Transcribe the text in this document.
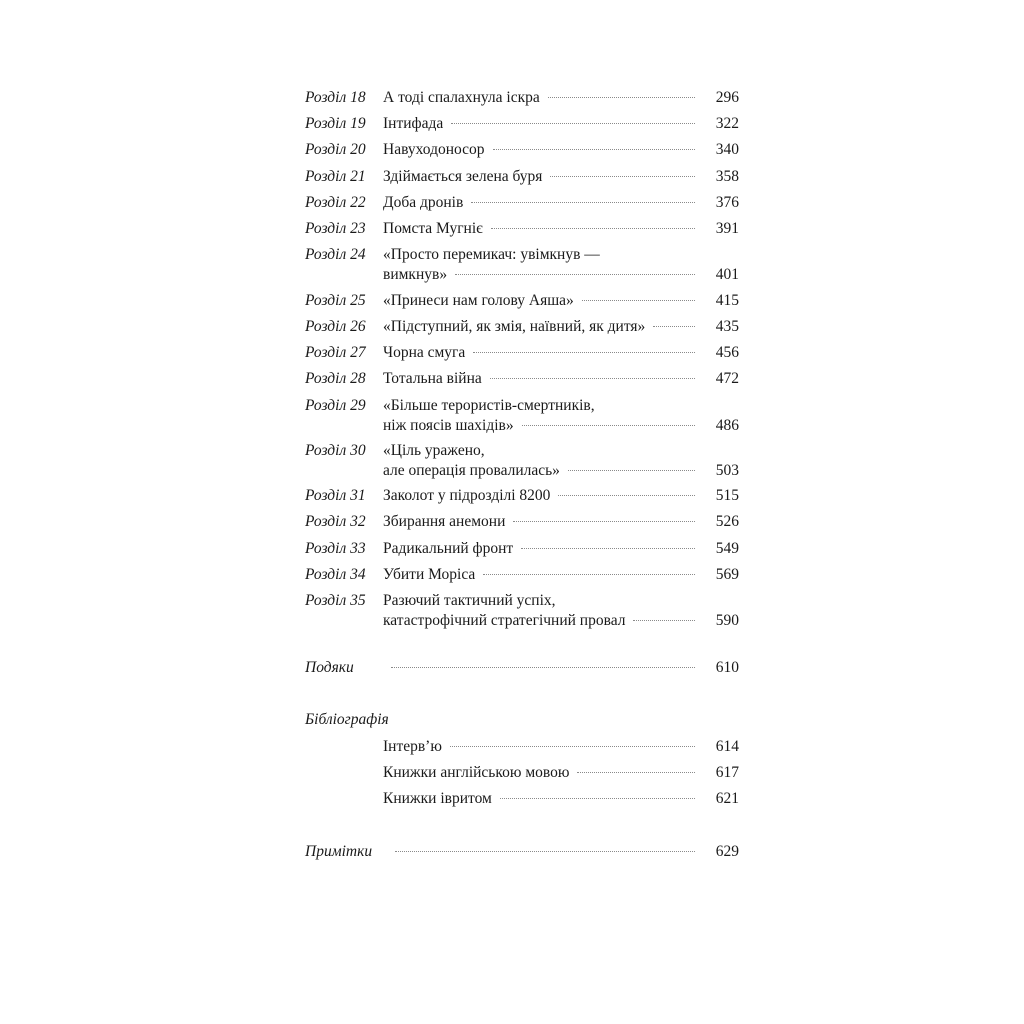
Розділ 18 А тоді спалахнула іскра	296
Розділ 19 Інтифада	322
Розділ 20 Навуходоносор	340
Розділ 21 Здіймається зелена буря	358
Розділ 22 Доба дронів	376
Розділ 23 Помста Мугніє	391
Розділ 24 «Просто перемикач: увімкнув —
вимкнув»	401
Розділ 25 «Принеси нам голову Аяша»	415
Розділ 26 «Підступний, як змія, наївний, як дитя»	435
Розділ 27 Чорна смуга	456
Розділ 28 Тотальна війна	472
Розділ 29 «Більше терористів-смертників,
ніж поясів шахідів»	486
Розділ 30 «Ціль уражено,
але операція провалилась»	503
Розділ 31 Заколот у підрозділі 8200	515
Розділ 32 Збирання анемони	526
Розділ 33 Радикальний фронт	549
Розділ 34 Убити Моріса	569
Розділ 35 Разючий тактичний успіх,
катастрофічний стратегічний провал	590
Подяки	610
Бібліографія
Інтерв’ю	614
Книжки англійською мовою	617
Книжки івритом	621
Примітки	629
